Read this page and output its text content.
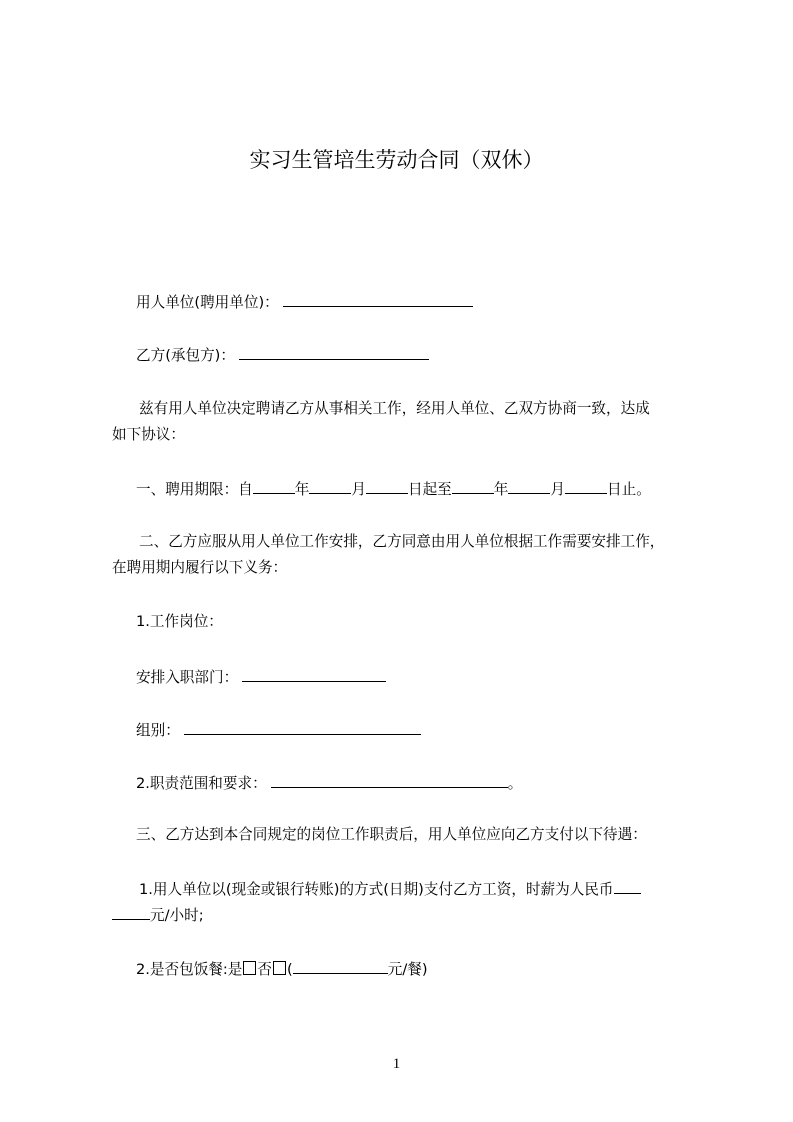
实习生管培生劳动合同（双休）
用人单位(聘用单位)：
乙方(承包方)：
兹有用人单位决定聘请乙方从事相关工作，经用人单位、乙双方协商一致，达成
如下协议：
一、聘用期限：自	年	月	日起至	年	月	日止。
二、乙方应服从用人单位工作安排，乙方同意由用人单位根据工作需要安排工作，
在聘用期内履行以下义务：
1.工作岗位：
安排入职部门：
组别：
2.职责范围和要求：	。
三、乙方达到本合同规定的岗位工作职责后，用人单位应向乙方支付以下待遇：
1.用人单位以(现金或银行转账)的方式(日期)支付乙方工资，时薪为人民币
元/小时;
2.是否包饭餐:是 否 (	元/餐)
1
